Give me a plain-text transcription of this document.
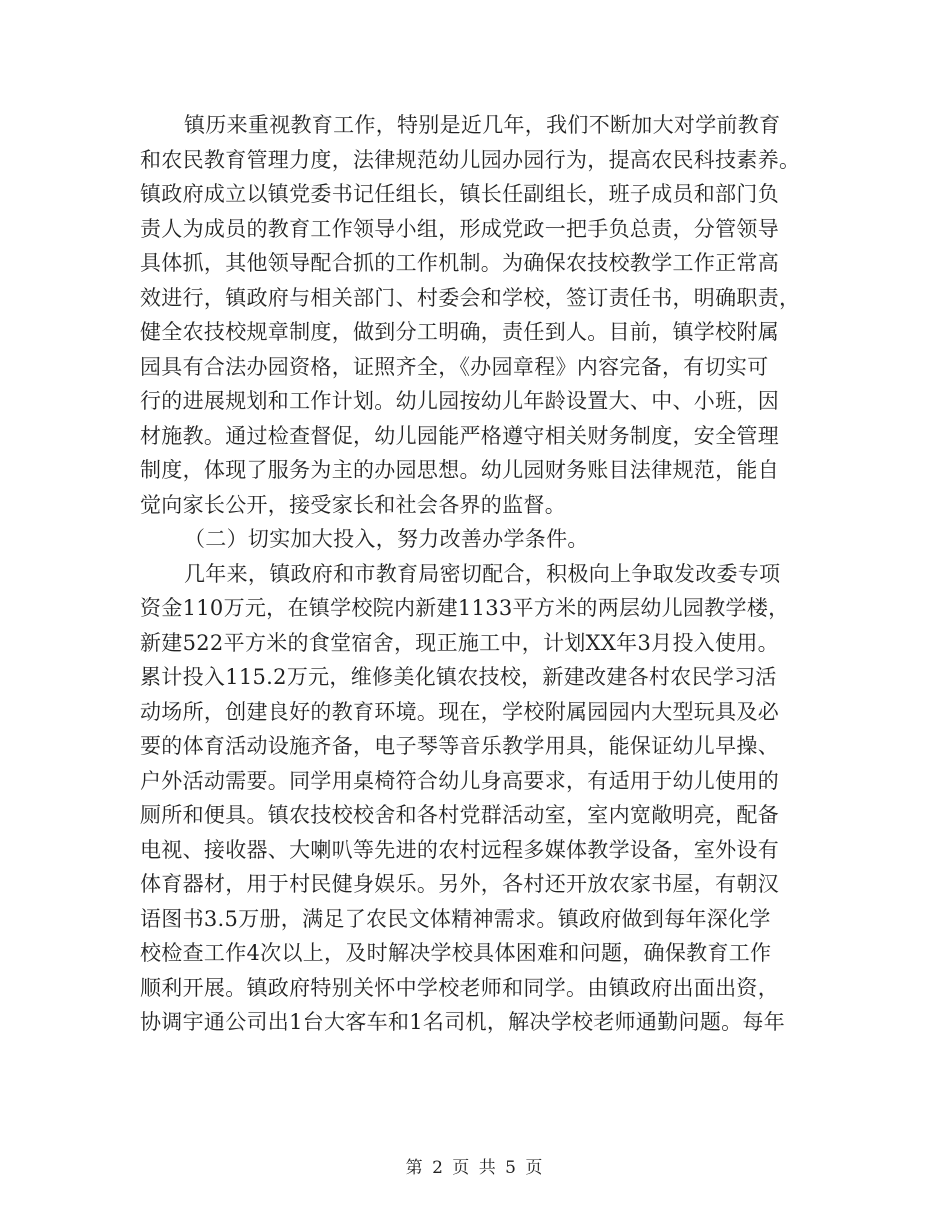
镇历来重视教育工作，特别是近几年，我们不断加大对学前教育
和农民教育管理力度，法律规范幼儿园办园行为，提高农民科技素养。
镇政府成立以镇党委书记任组长，镇长任副组长，班子成员和部门负
责人为成员的教育工作领导小组，形成党政一把手负总责，分管领导
具体抓，其他领导配合抓的工作机制。为确保农技校教学工作正常高
效进行，镇政府与相关部门、村委会和学校，签订责任书，明确职责，
健全农技校规章制度，做到分工明确，责任到人。目前，镇学校附属
园具有合法办园资格，证照齐全，《办园章程》内容完备，有切实可
行的进展规划和工作计划。幼儿园按幼儿年龄设置大、中、小班，因
材施教。通过检查督促，幼儿园能严格遵守相关财务制度，安全管理
制度，体现了服务为主的办园思想。幼儿园财务账目法律规范，能自
觉向家长公开，接受家长和社会各界的监督。
（二）切实加大投入，努力改善办学条件。
几年来，镇政府和市教育局密切配合，积极向上争取发改委专项
资金110万元，在镇学校院内新建1133平方米的两层幼儿园教学楼，
新建522平方米的食堂宿舍，现正施工中，计划XX年3月投入使用。
累计投入115.2万元，维修美化镇农技校，新建改建各村农民学习活
动场所，创建良好的教育环境。现在，学校附属园园内大型玩具及必
要的体育活动设施齐备，电子琴等音乐教学用具，能保证幼儿早操、
户外活动需要。同学用桌椅符合幼儿身高要求，有适用于幼儿使用的
厕所和便具。镇农技校校舍和各村党群活动室，室内宽敞明亮，配备
电视、接收器、大喇叭等先进的农村远程多媒体教学设备，室外设有
体育器材，用于村民健身娱乐。另外，各村还开放农家书屋，有朝汉
语图书3.5万册，满足了农民文体精神需求。镇政府做到每年深化学
校检查工作4次以上，及时解决学校具体困难和问题，确保教育工作
顺利开展。镇政府特别关怀中学校老师和同学。由镇政府出面出资，
协调宇通公司出1台大客车和1名司机，解决学校老师通勤问题。每年
第 2 页 共 5 页
